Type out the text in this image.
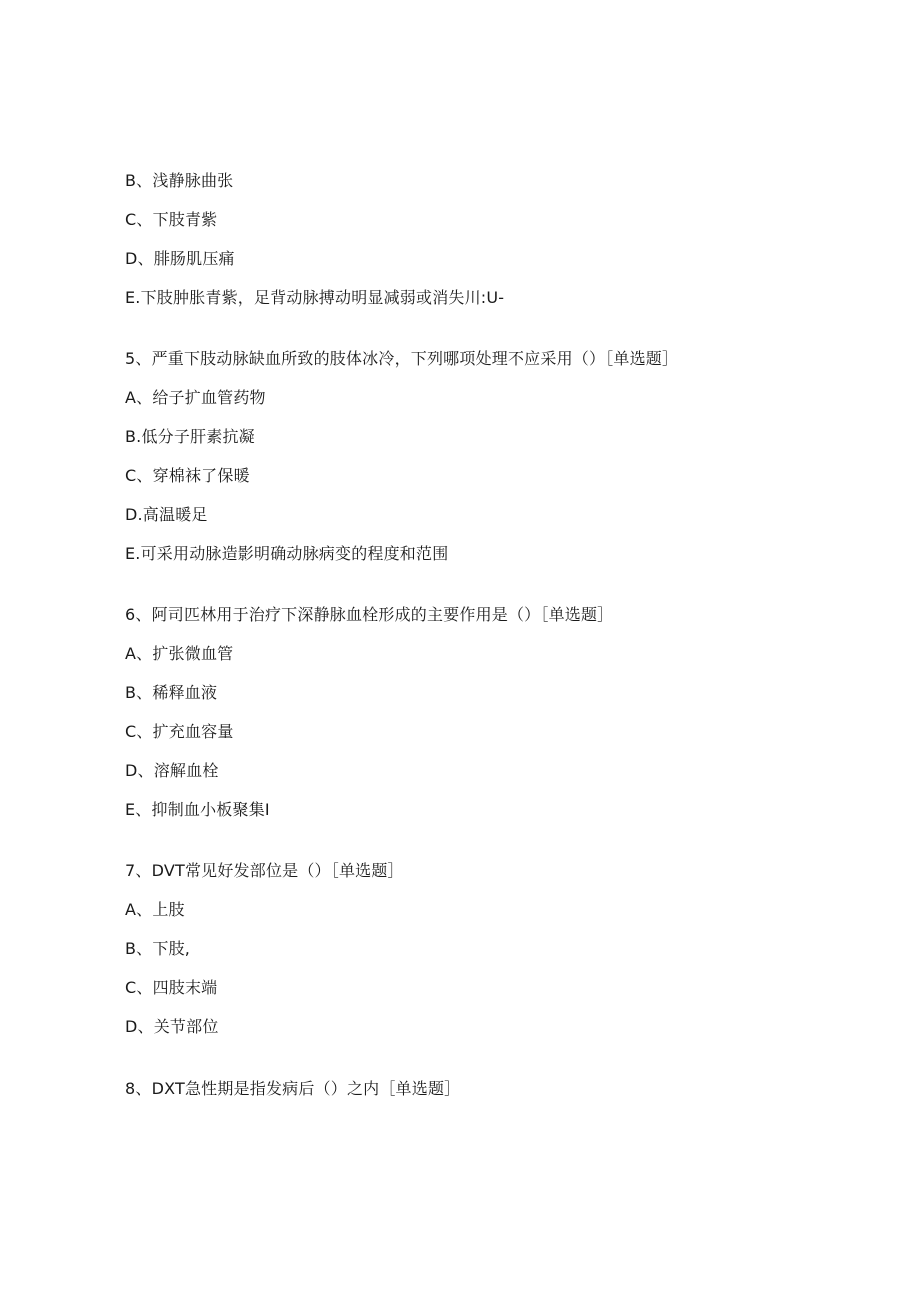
B、浅静脉曲张
C、下肢青紫
D、腓肠肌压痛
E.下肢肿胀青紫，足背动脉搏动明显减弱或消失川:U-
5、严重下肢动脉缺血所致的肢体冰冷，下列哪项处理不应采用（）［单选题］
A、给子扩血管药物
B.低分子肝素抗凝
C、穿棉袜了保暖
D.高温暖足
E.可采用动脉造影明确动脉病变的程度和范围
6、阿司匹林用于治疗下深静脉血栓形成的主要作用是（）［单选题］
A、扩张微血管
B、稀释血液
C、扩充血容量
D、溶解血栓
E、抑制血小板聚集I
7、DVT常见好发部位是（）［单选题］
A、上肢
B、下肢,
C、四肢末端
D、关节部位
8、DXT急性期是指发病后（）之内［单选题］
